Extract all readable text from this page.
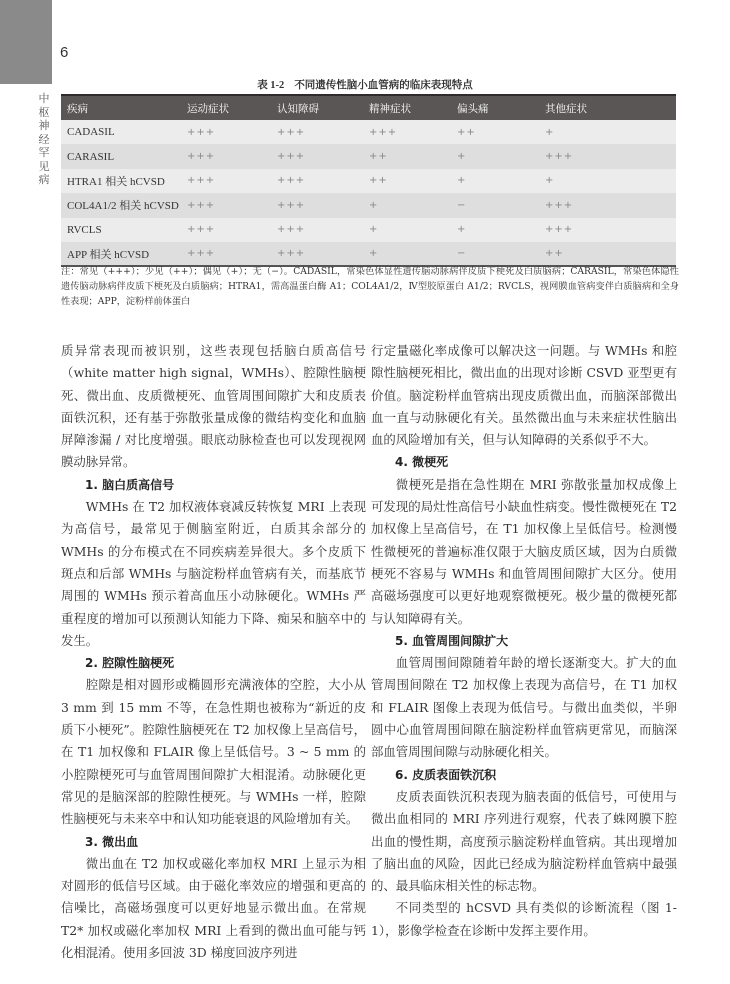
6
中
枢
神
经
罕
见
病
表 1-2 不同遗传性脑小血管病的临床表现特点
疾病	运动症状	认知障碍	精神症状	偏头痛	其他症状
CADASIL	+++	+++	+++	++	+
CARASIL	+++	+++	++	+	+++
HTRA1 相关 hCVSD	+++	+++	++	+	+
COL4A1/2 相关 hCVSD	+++	+++	+	−	+++
RVCLS	+++	+++	+	+	+++
APP 相关 hCVSD	+++	+++	+	−	++
注：常见（+++）；少见（++）；偶见（+）；无（−）。CADASIL，常染色体显性遗传脑动脉病伴皮质下梗死及白质脑病；CARASIL，常染色体隐性遗传脑动脉病伴皮质下梗死及白质脑病；HTRA1，需高温蛋白酶 A1；COL4A1/2，Ⅳ型胶原蛋白 A1/2；RVCLS，视网膜血管病变伴白质脑病和全身性表现；APP，淀粉样前体蛋白

质异常表现而被识别，这些表现包括脑白质高信号（white matter high signal，WMHs）、腔隙性脑梗死、微出血、皮质微梗死、血管周围间隙扩大和皮质表面铁沉积，还有基于弥散张量成像的微结构变化和血脑屏障渗漏 / 对比度增强。眼底动脉检查也可以发现视网膜动脉异常。

1. 脑白质高信号

WMHs 在 T2 加权液体衰减反转恢复 MRI 上表现为高信号，最常见于侧脑室附近，白质其余部分的 WMHs 的分布模式在不同疾病差异很大。多个皮质下斑点和后部 WMHs 与脑淀粉样血管病有关，而基底节周围的 WMHs 预示着高血压小动脉硬化。WMHs 严重程度的增加可以预测认知能力下降、痴呆和脑卒中的发生。

2. 腔隙性脑梗死

腔隙是相对圆形或椭圆形充满液体的空腔，大小从 3 mm 到 15 mm 不等，在急性期也被称为“新近的皮质下小梗死”。腔隙性脑梗死在 T2 加权像上呈高信号，在 T1 加权像和 FLAIR 像上呈低信号。3 ~ 5 mm 的小腔隙梗死可与血管周围间隙扩大相混淆。动脉硬化更常见的是脑深部的腔隙性梗死。与 WMHs 一样，腔隙性脑梗死与未来卒中和认知功能衰退的风险增加有关。

3. 微出血

微出血在 T2 加权或磁化率加权 MRI 上显示为相对圆形的低信号区域。由于磁化率效应的增强和更高的信噪比，高磁场强度可以更好地显示微出血。在常规 T2* 加权或磁化率加权 MRI 上看到的微出血可能与钙化相混淆。使用多回波 3D 梯度回波序列进

行定量磁化率成像可以解决这一问题。与 WMHs 和腔隙性脑梗死相比，微出血的出现对诊断 CSVD 亚型更有价值。脑淀粉样血管病出现皮质微出血，而脑深部微出血一直与动脉硬化有关。虽然微出血与未来症状性脑出血的风险增加有关，但与认知障碍的关系似乎不大。

4. 微梗死

微梗死是指在急性期在 MRI 弥散张量加权成像上可发现的局灶性高信号小缺血性病变。慢性微梗死在 T2 加权像上呈高信号，在 T1 加权像上呈低信号。检测慢性微梗死的普遍标准仅限于大脑皮质区域，因为白质微梗死不容易与 WMHs 和血管周围间隙扩大区分。使用高磁场强度可以更好地观察微梗死。极少量的微梗死都与认知障碍有关。

5. 血管周围间隙扩大

血管周围间隙随着年龄的增长逐渐变大。扩大的血管周围间隙在 T2 加权像上表现为高信号，在 T1 加权和 FLAIR 图像上表现为低信号。与微出血类似，半卵圆中心血管周围间隙在脑淀粉样血管病更常见，而脑深部血管周围间隙与动脉硬化相关。

6. 皮质表面铁沉积

皮质表面铁沉积表现为脑表面的低信号，可使用与微出血相同的 MRI 序列进行观察，代表了蛛网膜下腔出血的慢性期，高度预示脑淀粉样血管病。其出现增加了脑出血的风险，因此已经成为脑淀粉样血管病中最强的、最具临床相关性的标志物。

不同类型的 hCSVD 具有类似的诊断流程（图 1-1），影像学检查在诊断中发挥主要作用。
